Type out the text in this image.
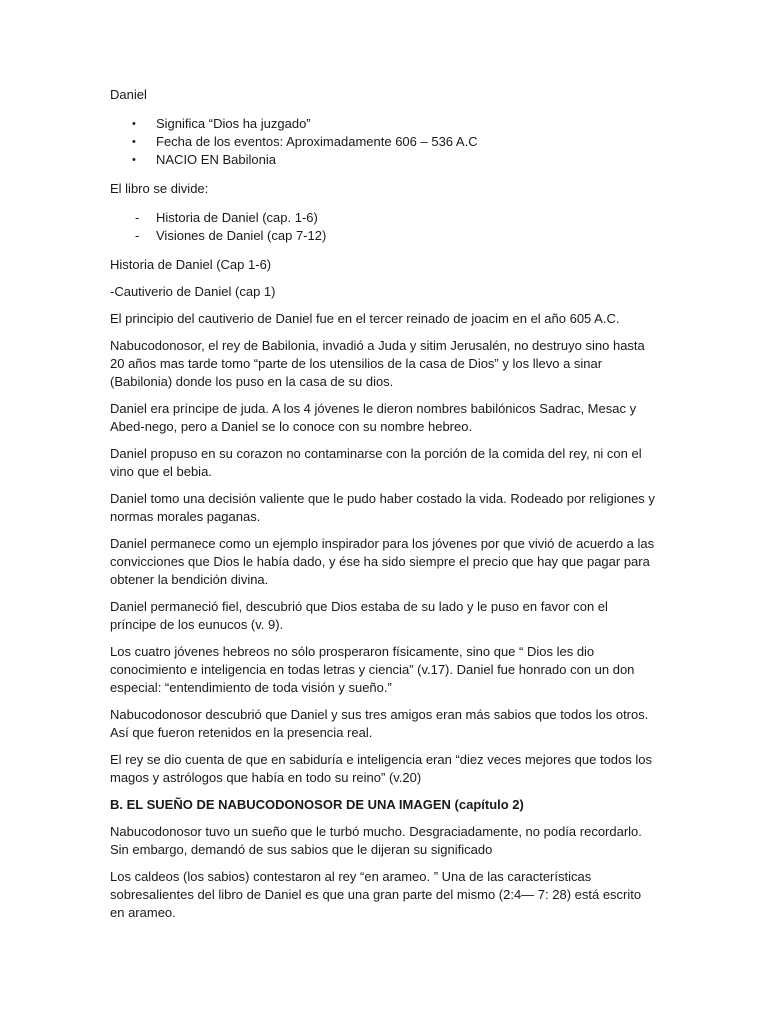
Daniel

• Significa “Dios ha juzgado”
• Fecha de los eventos: Aproximadamente 606 – 536 A.C
• NACIO EN Babilonia

El libro se divide:

- Historia de Daniel (cap. 1-6)
- Visiones de Daniel (cap 7-12)

Historia de Daniel (Cap 1-6)

-Cautiverio de Daniel (cap 1)

El principio del cautiverio de Daniel fue en el tercer reinado de joacim en el año 605 A.C.

Nabucodonosor, el rey de Babilonia, invadió a Juda y sitim Jerusalén, no destruyo sino hasta 20 años mas tarde tomo “parte de los utensilios de la casa de Dios” y los llevo a sinar (Babilonia) donde los puso en la casa de su dios.

Daniel era príncipe de juda. A los 4 jóvenes le dieron nombres babilónicos Sadrac, Mesac y Abed-nego, pero a Daniel se lo conoce con su nombre hebreo.

Daniel propuso en su corazon no contaminarse con la porción de la comida del rey, ni con el vino que el bebia.

Daniel tomo una decisión valiente que le pudo haber costado la vida. Rodeado por religiones y normas morales paganas.

Daniel permanece como un ejemplo inspirador para los jóvenes por que vivió de acuerdo a las convicciones que Dios le había dado, y ése ha sido siempre el precio que hay que pagar para obtener la bendición divina.

Daniel permaneció fiel, descubrió que Dios estaba de su lado y le puso en favor con el príncipe de los eunucos (v. 9).

Los cuatro jóvenes hebreos no sólo prosperaron físicamente, sino que “ Dios les dio conocimiento e inteligencia en todas letras y ciencia” (v.17). Daniel fue honrado con un don especial: “entendimiento de toda visión y sueño.”

Nabucodonosor descubrió que Daniel y sus tres amigos eran más sabios que todos los otros. Así que fueron retenidos en la presencia real.

El rey se dio cuenta de que en sabiduría e inteligencia eran “diez veces mejores que todos los magos y astrólogos que había en todo su reino” (v.20)

B. EL SUEÑO DE NABUCODONOSOR DE UNA IMAGEN (capítulo 2)

Nabucodonosor tuvo un sueño que le turbó mucho. Desgraciadamente, no podía recordarlo. Sin embargo, demandó de sus sabios que le dijeran su significado

Los caldeos (los sabios) contestaron al rey “en arameo. ” Una de las características sobresalientes del libro de Daniel es que una gran parte del mismo (2:4— 7: 28) está escrito en arameo.
